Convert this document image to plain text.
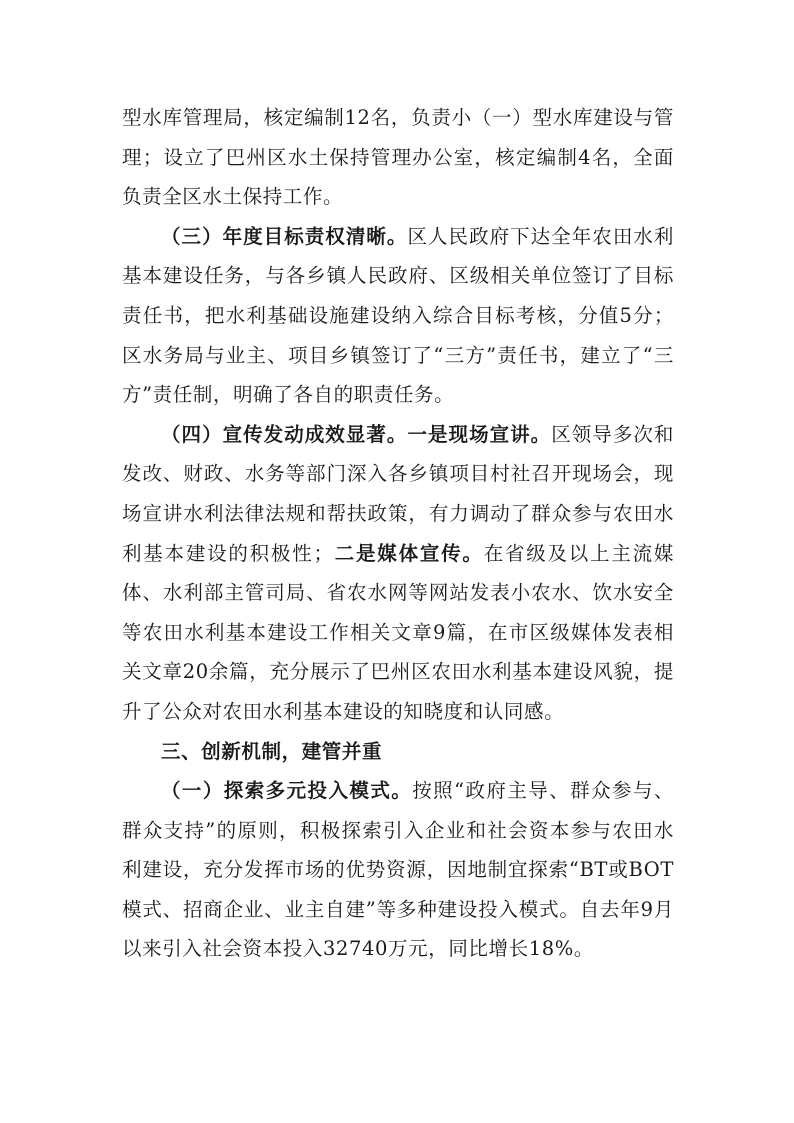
型水库管理局，核定编制12名，负责小（一）型水库建设与管理；设立了巴州区水土保持管理办公室，核定编制4名，全面负责全区水土保持工作。

（三）年度目标责权清晰。区人民政府下达全年农田水利基本建设任务，与各乡镇人民政府、区级相关单位签订了目标责任书，把水利基础设施建设纳入综合目标考核，分值5分；区水务局与业主、项目乡镇签订了“三方”责任书，建立了“三方”责任制，明确了各自的职责任务。

（四）宣传发动成效显著。一是现场宣讲。区领导多次和发改、财政、水务等部门深入各乡镇项目村社召开现场会，现场宣讲水利法律法规和帮扶政策，有力调动了群众参与农田水利基本建设的积极性；二是媒体宣传。在省级及以上主流媒体、水利部主管司局、省农水网等网站发表小农水、饮水安全等农田水利基本建设工作相关文章9篇，在市区级媒体发表相关文章20余篇，充分展示了巴州区农田水利基本建设风貌，提升了公众对农田水利基本建设的知晓度和认同感。

三、创新机制，建管并重

（一）探索多元投入模式。按照“政府主导、群众参与、群众支持”的原则，积极探索引入企业和社会资本参与农田水利建设，充分发挥市场的优势资源，因地制宜探索“BT或BOT模式、招商企业、业主自建”等多种建设投入模式。自去年9月以来引入社会资本投入32740万元，同比增长18%。
